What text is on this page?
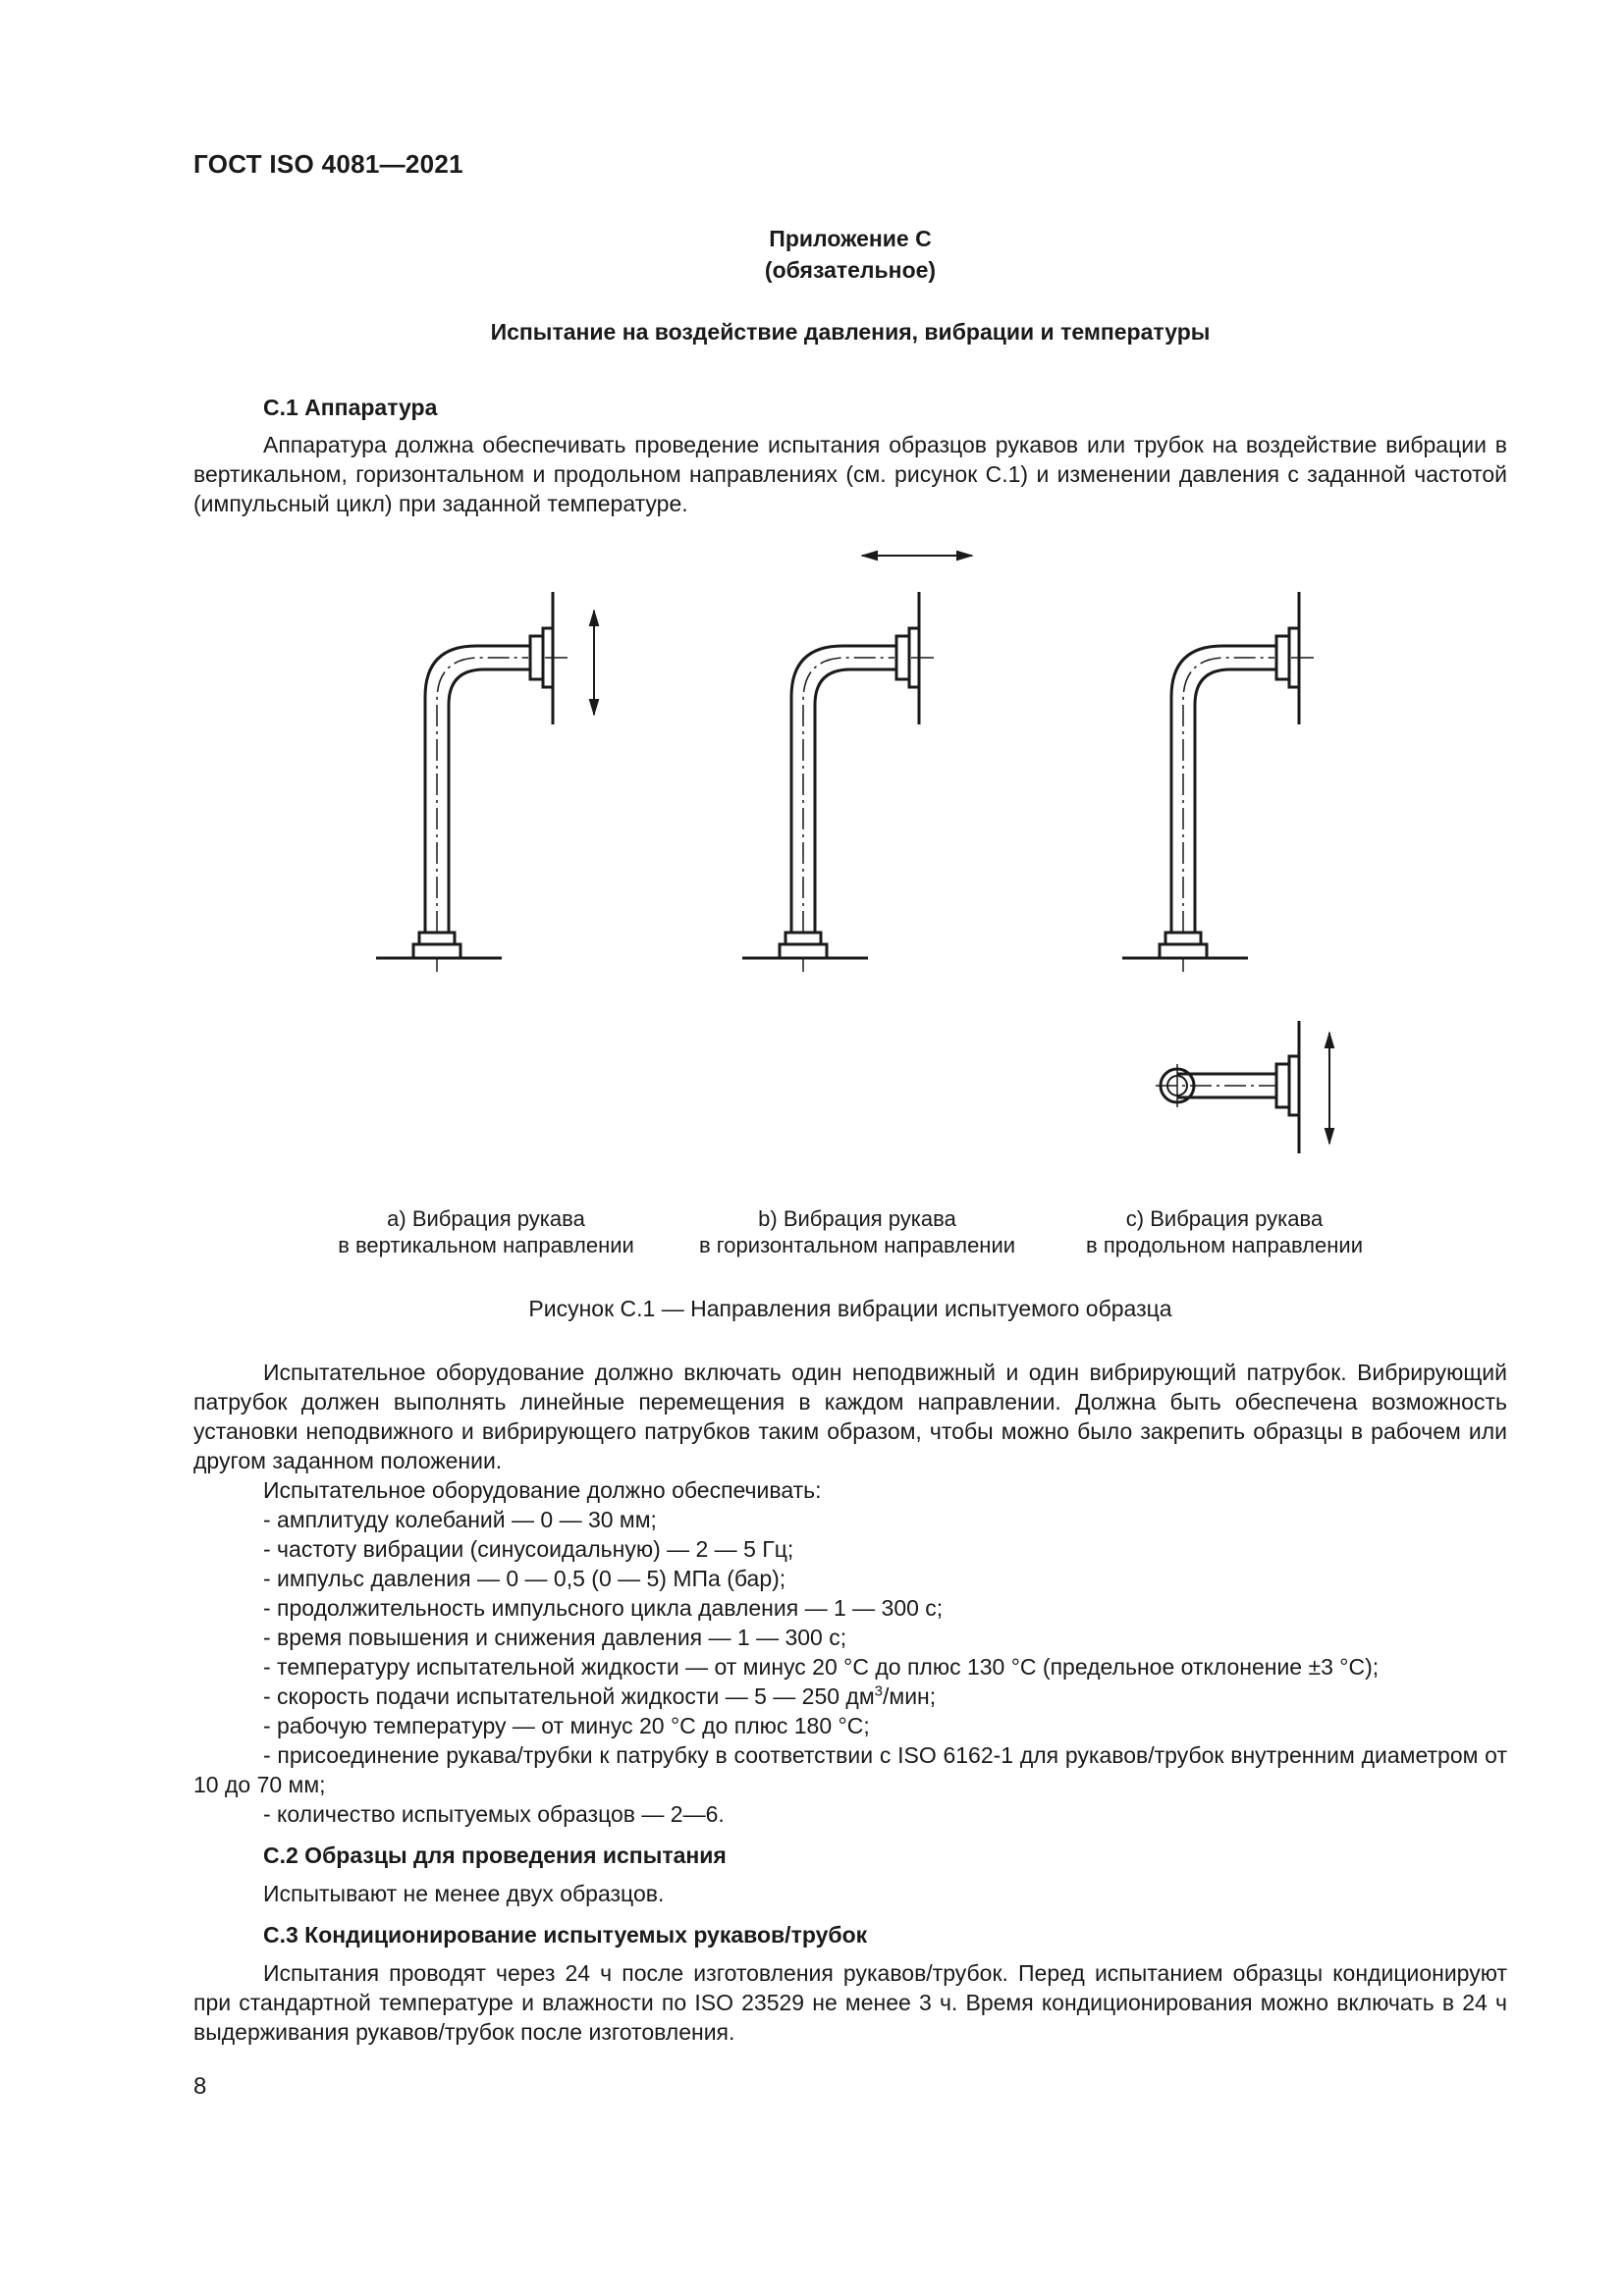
ГОСТ ISO 4081—2021
Приложение С
(обязательное)
Испытание на воздействие давления, вибрации и температуры

С.1 Аппаратура

Аппаратура должна обеспечивать проведение испытания образцов рукавов или трубок на воздействие вибрации в вертикальном, горизонтальном и продольном направлениях (см. рисунок С.1) и изменении давления с заданной частотой (импульсный цикл) при заданной температуре.

a) Вибрация рукава
в вертикальном направлении
b) Вибрация рукава
в горизонтальном направлении
c) Вибрация рукава
в продольном направлении
Рисунок С.1 — Направления вибрации испытуемого образца

Испытательное оборудование должно включать один неподвижный и один вибрирующий патрубок. Вибрирующий патрубок должен выполнять линейные перемещения в каждом направлении. Должна быть обеспечена возможность установки неподвижного и вибрирующего патрубков таким образом, чтобы можно было закрепить образцы в рабочем или другом заданном положении.

Испытательное оборудование должно обеспечивать:

- амплитуду колебаний — 0 — 30 мм;

- частоту вибрации (синусоидальную) — 2 — 5 Гц;

- импульс давления — 0 — 0,5 (0 — 5) МПа (бар);

- продолжительность импульсного цикла давления — 1 — 300 с;

- время повышения и снижения давления — 1 — 300 с;

- температуру испытательной жидкости — от минус 20 °С до плюс 130 °С (предельное отклонение ±3 °С);

- скорость подачи испытательной жидкости — 5 — 250 $дм^3$/мин;

- рабочую температуру — от минус 20 °С до плюс 180 °С;

- присоединение рукава/трубки к патрубку в соответствии с ISO 6162-1 для рукавов/трубок внутренним диаметром от 10 до 70 мм;

- количество испытуемых образцов — 2—6.

С.2 Образцы для проведения испытания

Испытывают не менее двух образцов.

С.3 Кондиционирование испытуемых рукавов/трубок

Испытания проводят через 24 ч после изготовления рукавов/трубок. Перед испытанием образцы кондиционируют при стандартной температуре и влажности по ISO 23529 не менее 3 ч. Время кондиционирования можно включать в 24 ч выдерживания рукавов/трубок после изготовления.

8
